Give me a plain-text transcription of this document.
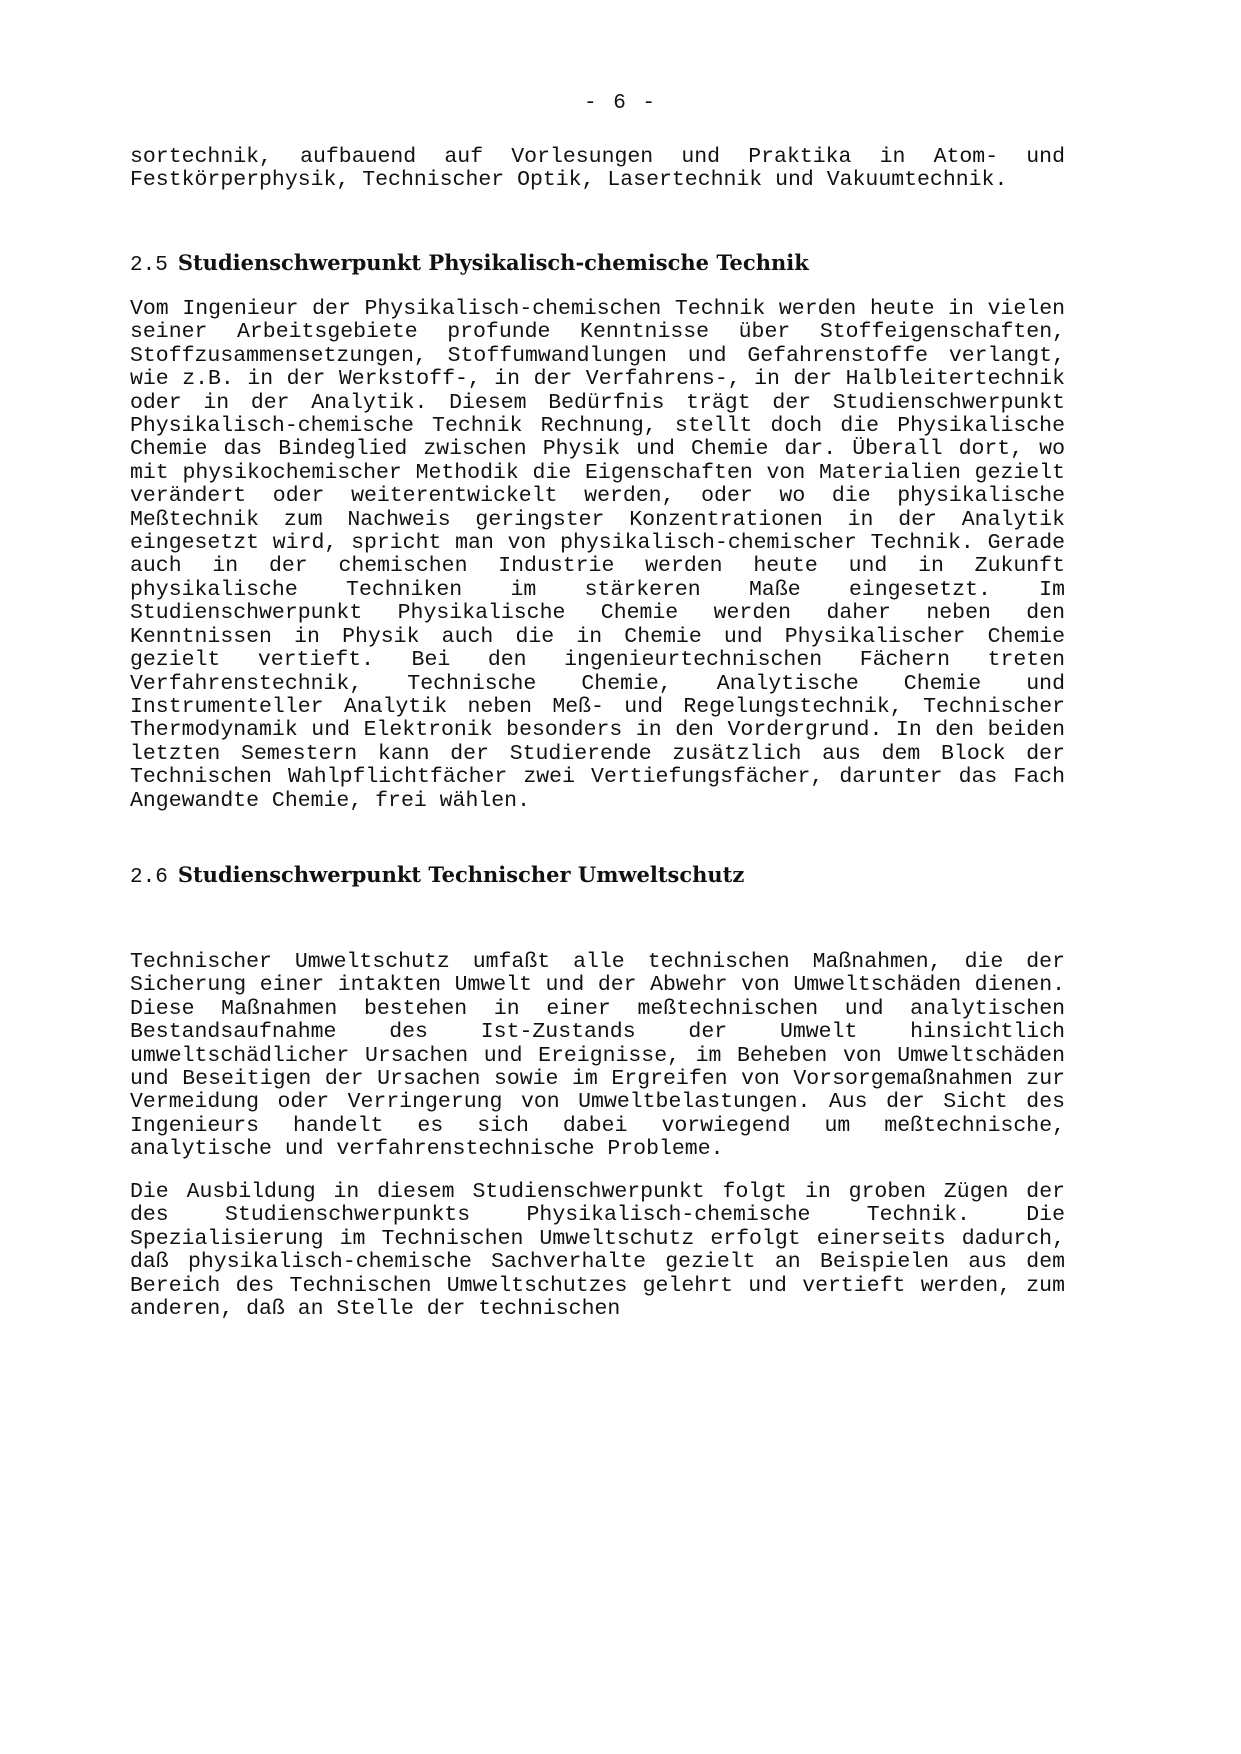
- 6 -

sortechnik, aufbauend auf Vorlesungen und Praktika in Atom- und Festkörperphysik, Technischer Optik, Lasertechnik und Vakuumtechnik.

2.5 Studienschwerpunkt Physikalisch-chemische Technik

Vom Ingenieur der Physikalisch-chemischen Technik werden heute in vielen seiner Arbeitsgebiete profunde Kenntnisse über Stoffeigenschaften, Stoffzusammensetzungen, Stoffumwandlungen und Gefahrenstoffe verlangt, wie z.B. in der Werkstoff-, in der Verfahrens-, in der Halbleitertechnik oder in der Analytik. Diesem Bedürfnis trägt der Studienschwerpunkt Physikalisch-chemische Technik Rechnung, stellt doch die Physikalische Chemie das Bindeglied zwischen Physik und Chemie dar. Überall dort, wo mit physikochemischer Methodik die Eigenschaften von Materialien gezielt verändert oder weiterentwickelt werden, oder wo die physikalische Meßtechnik zum Nachweis geringster Konzentrationen in der Analytik eingesetzt wird, spricht man von physikalisch-chemischer Technik. Gerade auch in der chemischen Industrie werden heute und in Zukunft physikalische Techniken im stärkeren Maße eingesetzt. Im Studienschwerpunkt Physikalische Chemie werden daher neben den Kenntnissen in Physik auch die in Chemie und Physikalischer Chemie gezielt vertieft. Bei den ingenieurtechnischen Fächern treten Verfahrenstechnik, Technische Chemie, Analytische Chemie und Instrumenteller Analytik neben Meß- und Regelungstechnik, Technischer Thermodynamik und Elektronik besonders in den Vordergrund. In den beiden letzten Semestern kann der Studierende zusätzlich aus dem Block der Technischen Wahlpflichtfächer zwei Vertiefungsfächer, darunter das Fach Angewandte Chemie, frei wählen.

2.6 Studienschwerpunkt Technischer Umweltschutz

Technischer Umweltschutz umfaßt alle technischen Maßnahmen, die der Sicherung einer intakten Umwelt und der Abwehr von Umweltschäden dienen. Diese Maßnahmen bestehen in einer meßtechnischen und analytischen Bestandsaufnahme des Ist-Zustands der Umwelt hinsichtlich umweltschädlicher Ursachen und Ereignisse, im Beheben von Umweltschäden und Beseitigen der Ursachen sowie im Ergreifen von Vorsorgemaßnahmen zur Vermeidung oder Verringerung von Umweltbelastungen. Aus der Sicht des Ingenieurs handelt es sich dabei vorwiegend um meßtechnische, analytische und verfahrenstechnische Probleme.

Die Ausbildung in diesem Studienschwerpunkt folgt in groben Zügen der des Studienschwerpunkts Physikalisch-chemische Technik. Die Spezialisierung im Technischen Umweltschutz erfolgt einerseits dadurch, daß physikalisch-chemische Sachverhalte gezielt an Beispielen aus dem Bereich des Technischen Umweltschutzes gelehrt und vertieft werden, zum anderen, daß an Stelle der technischen
